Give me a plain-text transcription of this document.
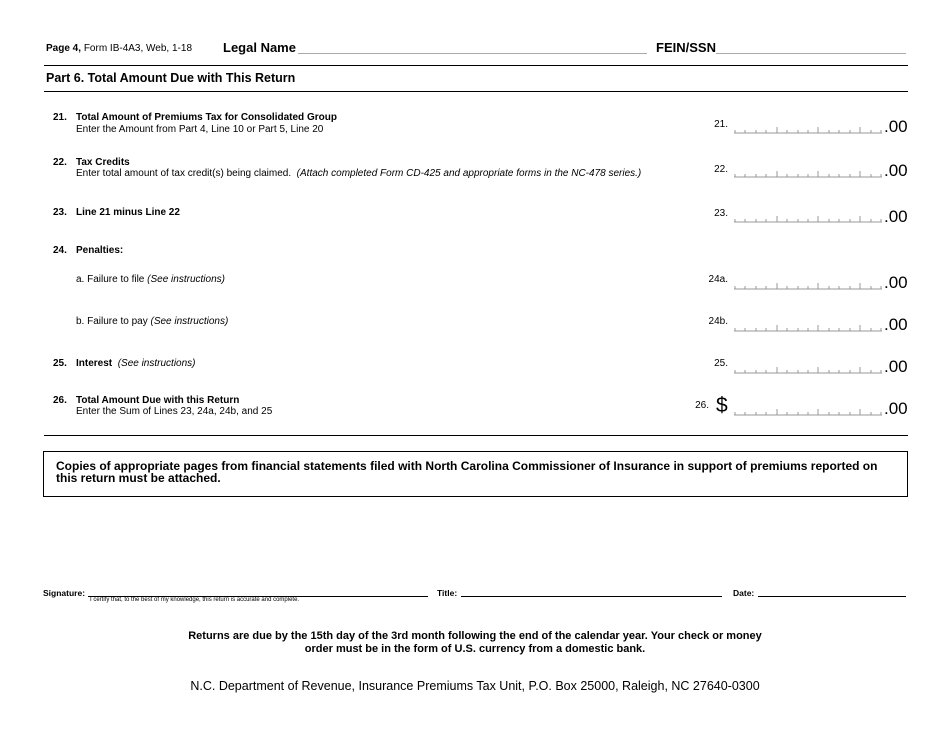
Page 4, Form IB-4A3, Web, 1-18 Legal Name	FEIN/SSN
Part 6. Total Amount Due with This Return
21. Total Amount of Premiums Tax for Consolidated Group
Enter the Amount from Part 4, Line 10 or Part 5, Line 20	21.	.00
22. Tax Credits
Enter total amount of tax credit(s) being claimed. (Attach completed Form CD-425 and appropriate forms in the NC-478 series.)	22.	.00
23. Line 21 minus Line 22	23.	.00
24. Penalties:
a. Failure to file (See instructions)	24a.	.00
b. Failure to pay (See instructions)	24b.	.00
25. Interest (See instructions)	25.	.00
26. Total Amount Due with this Return
Enter the Sum of Lines 23, 24a, 24b, and 25
26. $	.00
Copies of appropriate pages from financial statements filed with North Carolina Commissioner of Insurance in support of premiums reported on this return must be attached.
Signature:
I certify that, to the best of my knowledge, this return is accurate and complete.
Title:	Date:
Returns are due by the 15th day of the 3rd month following the end of the calendar year. Your check or money
order must be in the form of U.S. currency from a domestic bank.
N.C. Department of Revenue, Insurance Premiums Tax Unit, P.O. Box 25000, Raleigh, NC 27640-0300
